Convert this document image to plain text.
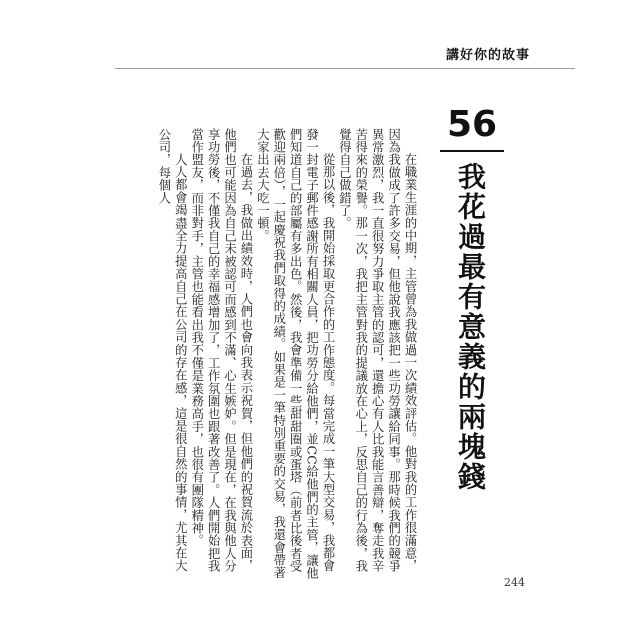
講好你的故事
56
我花過最有意義的兩塊錢

在職業生涯的中期，主管曾為我做過一次績效評估。他對我的工作很滿意，因為我做成了許多交易，但他說我應該把一些功勞讓給同事。那時候我們的競爭異常激烈，我一直很努力爭取主管的認可，還擔心有人比我能言善辯，奪走我辛苦得來的榮譽。那一次，我把主管對我的提議放在心上，反思自己的行為後，我覺得自己做錯了。

從那以後，我開始採取更合作的工作態度。每當完成一筆大型交易，我都會發一封電子郵件感謝所有相關人員，把功勞分給他們，並CC給他們的主管，讓他們知道自己的部屬有多出色。然後，我會準備一些甜甜圈或蛋塔（前者比後者受歡迎兩倍），一起慶祝我們取得的成績。如果是一筆特別重要的交易，我還會帶著大家出去大吃一頓。

在過去，我做出績效時，人們也會向我表示祝賀，但他們的祝賀流於表面，他們也可能因為自己未被認可而感到不滿、心生嫉妒。但是現在，在我與他人分享功勞後，不僅我自己的幸福感增加了，工作氛圍也跟著改善了。人們開始把我當作盟友，而非對手，主管也能看出我不僅是業務高手，也很有團隊精神。

人人都會竭盡全力提高自己在公司的存在感，這是很自然的事情，尤其在大公司，每個人

244
